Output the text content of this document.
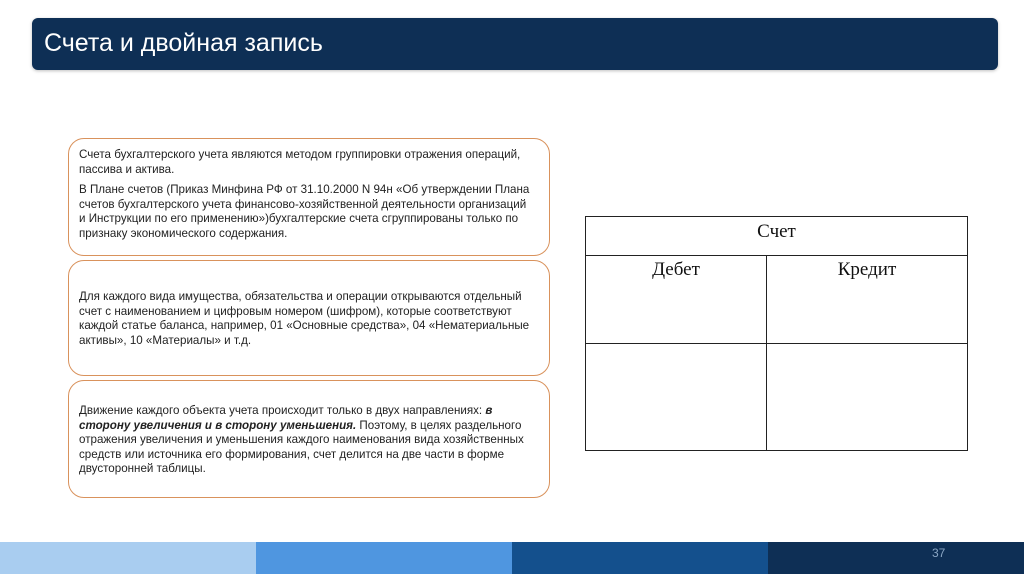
Счета и двойная запись

Счета бухгалтерского учета являются методом группировки отражения операций, пассива и актива.

В Плане счетов (Приказ Минфина РФ от 31.10.2000 N 94н «Об утверждении Плана счетов бухгалтерского учета финансово-хозяйственной деятельности организаций и Инструкции по его применению»)бухгалтерские счета сгруппированы только по признаку экономического содержания.

Для каждого вида имущества, обязательства и операции открываются отдельный счет с наименованием и цифровым номером (шифром), которые соответствуют каждой статье баланса, например, 01 «Основные средства», 04 «Нематериальные активы», 10 «Материалы» и т.д.

Движение каждого объекта учета происходит только в двух направлениях: в сторону увеличения и в сторону уменьшения. Поэтому, в целях раздельного отражения увеличения и уменьшения каждого наименования вида хозяйственных средств или источника его формирования, счет делится на две части в форме двусторонней таблицы.

Счет
Дебет	Кредит
37
